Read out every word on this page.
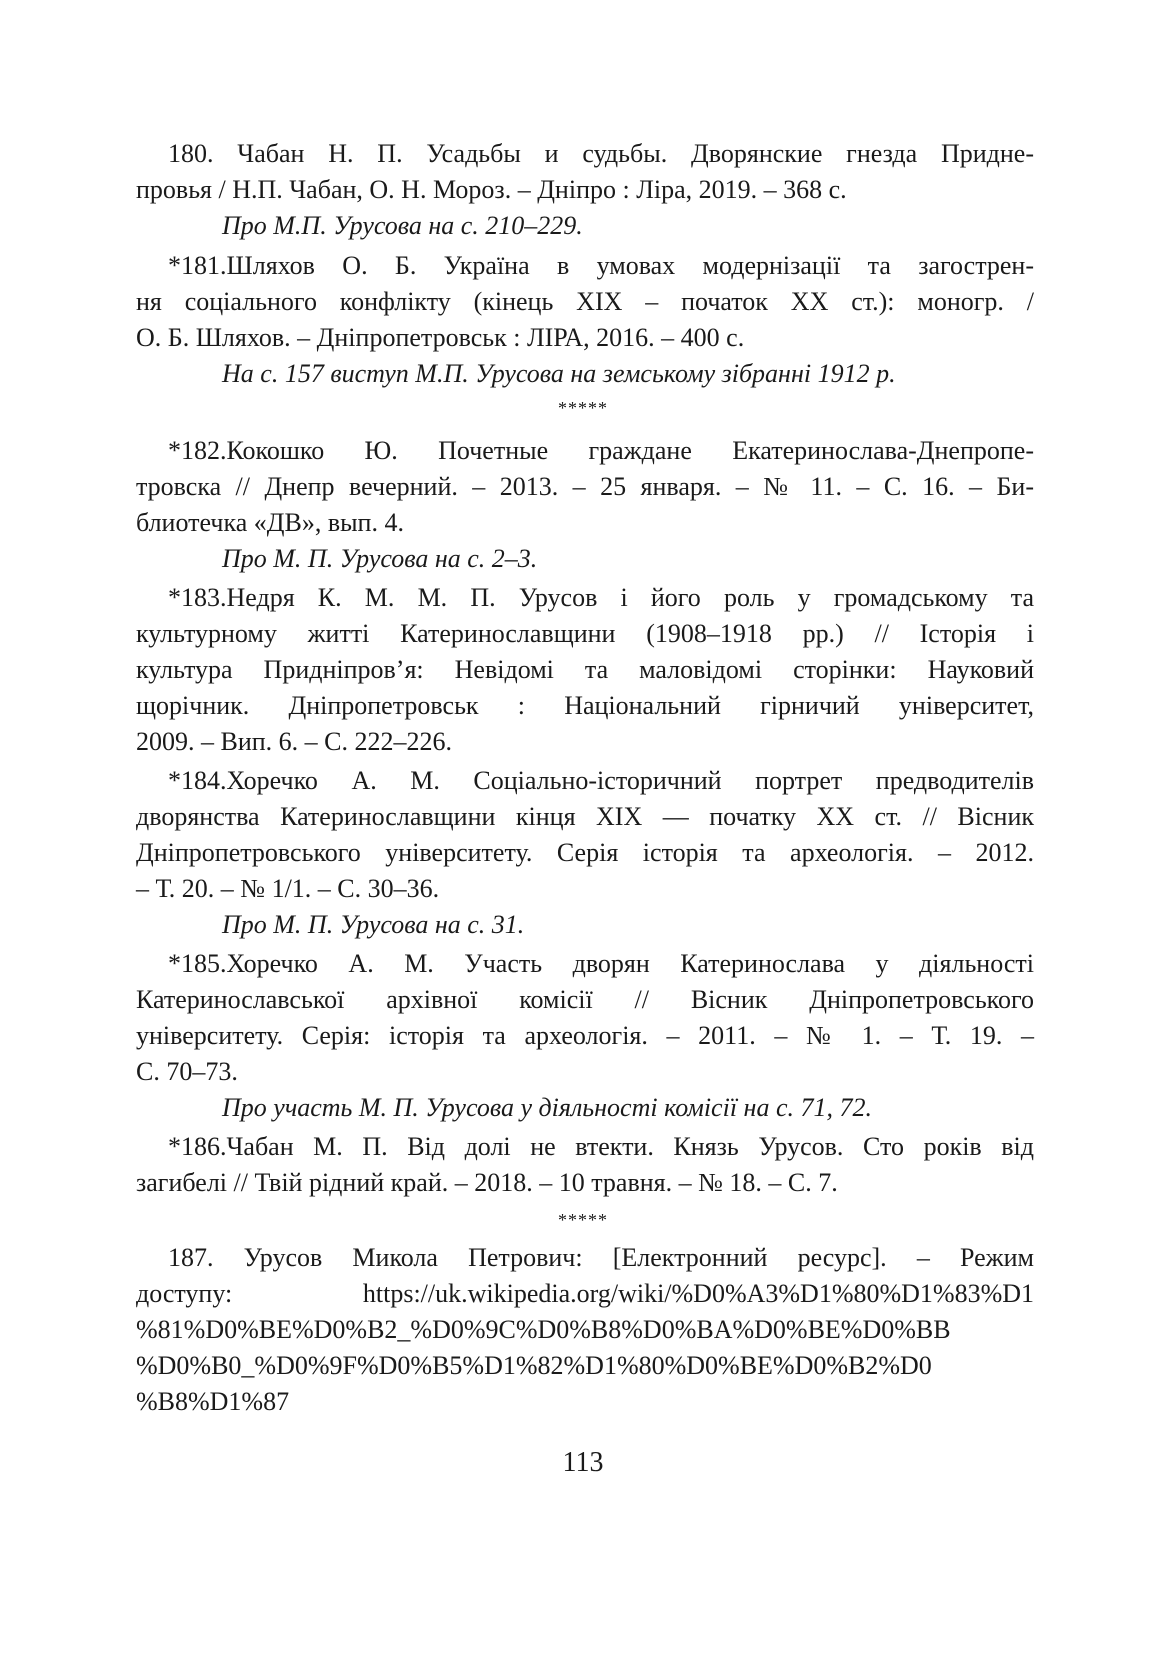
180. Чабан Н. П. Усадьбы и судьбы. Дворянские гнезда Придне-
провья / Н.П. Чабан, О. Н. Мороз. – Дніпро : Ліра, 2019. – 368 с.
Про М.П. Урусова на с. 210–229.
*181.Шляхов О. Б. Україна в умовах модернізації та загострен-
ня соціального конфлікту (кінець ХІХ – початок ХХ ст.): моногр. /
О. Б. Шляхов. – Дніпропетровськ : ЛІРА, 2016. – 400 с.
На с. 157 виступ М.П. Урусова на земському зібранні 1912 р.
*182.Кокошко Ю. Почетные граждане Екатеринослава-Днепропе-
тровска // Днепр вечерний. – 2013. – 25 января. – № 11. – С. 16. – Би-
блиотечка «ДВ», вып. 4.
Про М. П. Урусова на с. 2–3.
*183.Недря К. М. М. П. Урусов і його роль у громадському та
культурному житті Катеринославщини (1908–1918 рр.) // Історія і
культура Придніпров’я: Невідомі та маловідомі сторінки: Науковий
щорічник. Дніпропетровськ : Національний гірничий університет,
2009. – Вип. 6. – С. 222–226.
*184.Хоречко А. М. Соціально-історичний портрет предводителів
дворянства Катеринославщини кінця XIX — початку XX ст. // Вісник
Дніпропетровського університету. Серія історія та археологія. – 2012.
– Т. 20. – № 1/1. – С. 30–36.
Про М. П. Урусова на с. 31.
*185.Хоречко А. М. Участь дворян Катеринослава у діяльності
Катеринославської архівної комісії // Вісник Дніпропетровського
університету. Серія: історія та археологія. – 2011. – № 1. – Т. 19. –
С. 70–73.
Про участь М. П. Урусова у діяльності комісії на с. 71, 72.
*186.Чабан М. П. Від долі не втекти. Князь Урусов. Сто років від
загибелі // Твій рідний край. – 2018. – 10 травня. – № 18. – С. 7.
187. Урусов Микола Петрович: [Електронний ресурс]. – Режим
доступу: https://uk.wikipedia.org/wiki/%D0%A3%D1%80%D1%83%D1
%81%D0%BE%D0%B2_%D0%9C%D0%B8%D0%BA%D0%BE%D0%BB
%D0%B0_%D0%9F%D0%B5%D1%82%D1%80%D0%BE%D0%B2%D0
%B8%D1%87
*****
*****
113
